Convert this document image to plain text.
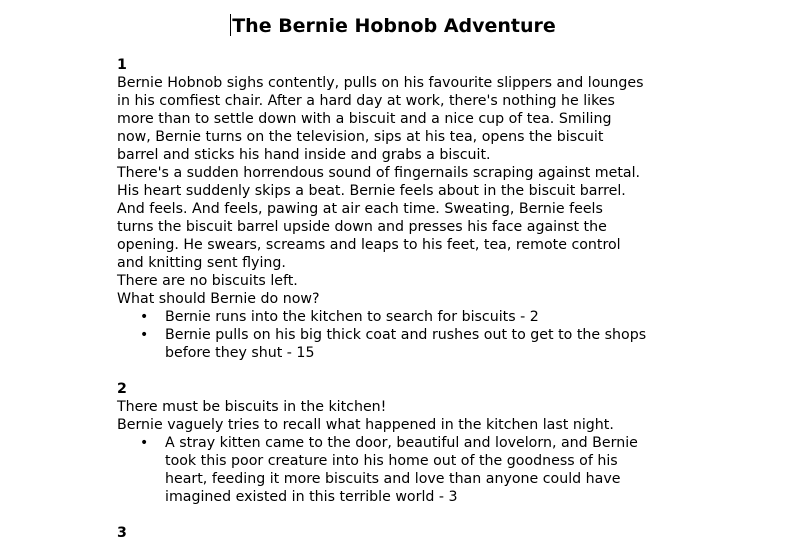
The Bernie Hobnob Adventure
1
Bernie Hobnob sighs contently, pulls on his favourite slippers and lounges
in his comfiest chair. After a hard day at work, there's nothing he likes
more than to settle down with a biscuit and a nice cup of tea. Smiling
now, Bernie turns on the television, sips at his tea, opens the biscuit
barrel and sticks his hand inside and grabs a biscuit.
There's a sudden horrendous sound of fingernails scraping against metal.
His heart suddenly skips a beat. Bernie feels about in the biscuit barrel.
And feels. And feels, pawing at air each time. Sweating, Bernie feels
turns the biscuit barrel upside down and presses his face against the
opening. He swears, screams and leaps to his feet, tea, remote control
and knitting sent flying.
There are no biscuits left.
What should Bernie do now?
• Bernie runs into the kitchen to search for biscuits - 2
• Bernie pulls on his big thick coat and rushes out to get to the shops
before they shut - 15
2
There must be biscuits in the kitchen!
Bernie vaguely tries to recall what happened in the kitchen last night.
• A stray kitten came to the door, beautiful and lovelorn, and Bernie
took this poor creature into his home out of the goodness of his
heart, feeding it more biscuits and love than anyone could have
imagined existed in this terrible world - 3
3
